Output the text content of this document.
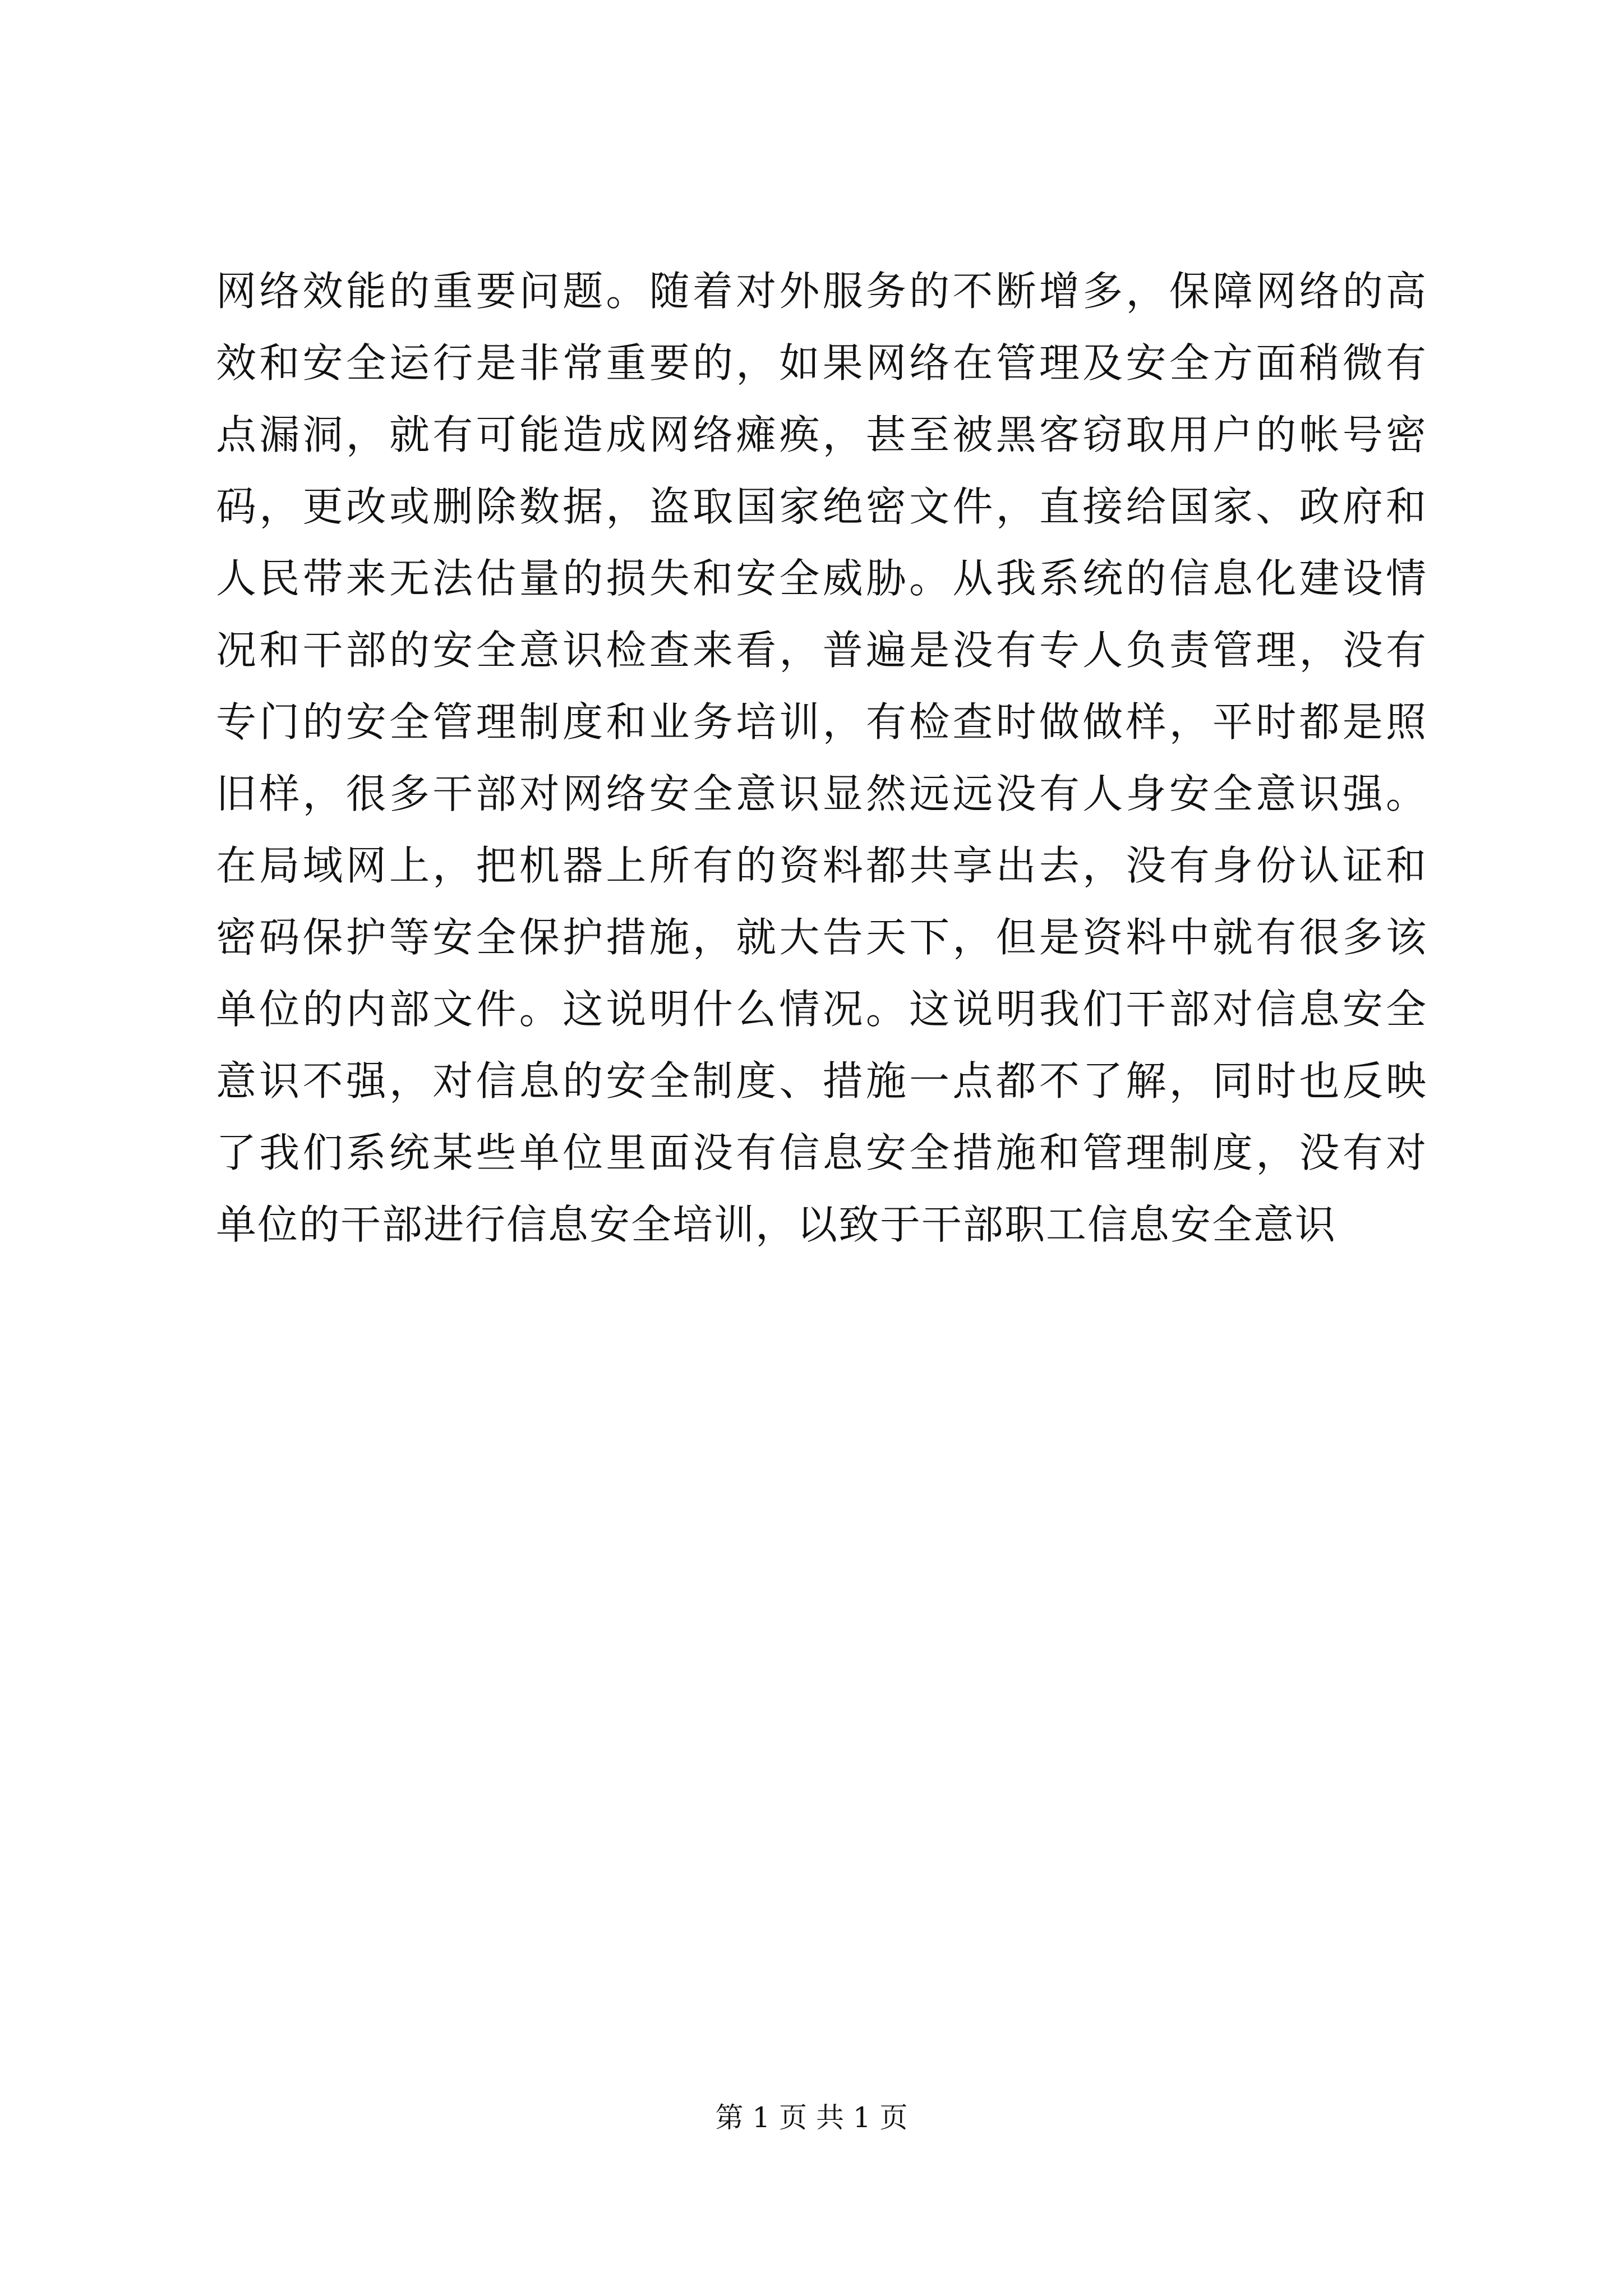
网络效能的重要问题。随着对外服务的不断增多，保障网络的高
效和安全运行是非常重要的，如果网络在管理及安全方面稍微有
点漏洞，就有可能造成网络瘫痪，甚至被黑客窃取用户的帐号密
码，更改或删除数据，盗取国家绝密文件，直接给国家、政府和
人民带来无法估量的损失和安全威胁。从我系统的信息化建设情
况和干部的安全意识检查来看，普遍是没有专人负责管理，没有
专门的安全管理制度和业务培训，有检查时做做样，平时都是照
旧样，很多干部对网络安全意识显然远远没有人身安全意识强。
在局域网上，把机器上所有的资料都共享出去，没有身份认证和
密码保护等安全保护措施，就大告天下，但是资料中就有很多该
单位的内部文件。这说明什么情况。这说明我们干部对信息安全
意识不强，对信息的安全制度、措施一点都不了解，同时也反映
了我们系统某些单位里面没有信息安全措施和管理制度，没有对
单位的干部进行信息安全培训，以致于干部职工信息安全意识
第 1 页 共 1 页
